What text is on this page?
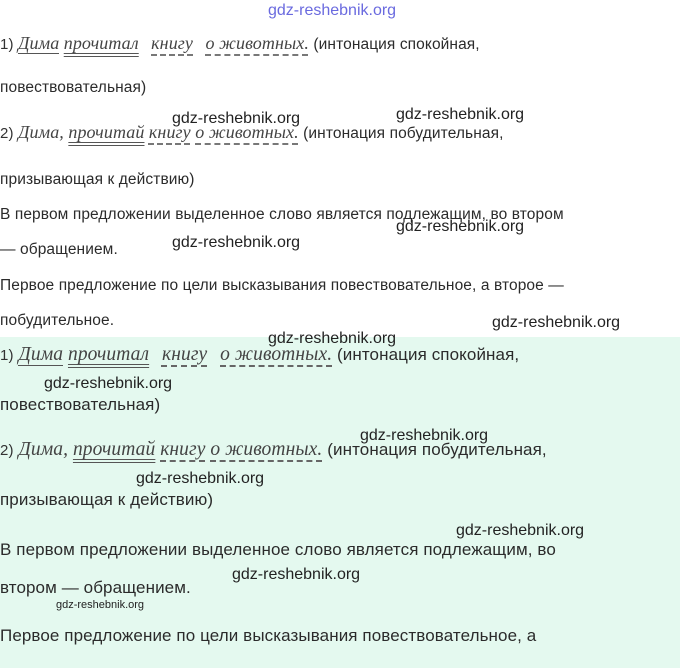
gdz-reshebnik.org
1) Дима прочитал книгу о животных. (интонация спокойная,
повествовательная)
2) Дима, прочитай книгу о животных. (интонация побудительная,
призывающая к действию)
В первом предложении выделенное слово является подлежащим, во втором
— обращением.
Первое предложение по цели высказывания повествовательное, а второе —
побудительное.
1) Дима прочитал книгу о животных. (интонация спокойная,
повествовательная)
2) Дима, прочитай книгу о животных. (интонация побудительная,
призывающая к действию)
В первом предложении выделенное слово является подлежащим, во
втором — обращением.
Первое предложение по цели высказывания повествовательное, а
gdz-reshebnik.org	gdz-reshebnik.org
gdz-reshebnik.org
gdz-reshebnik.org
gdz-reshebnik.org
gdz-reshebnik.org
gdz-reshebnik.org
gdz-reshebnik.org
gdz-reshebnik.org
gdz-reshebnik.org
gdz-reshebnik.org
gdz-reshebnik.org
